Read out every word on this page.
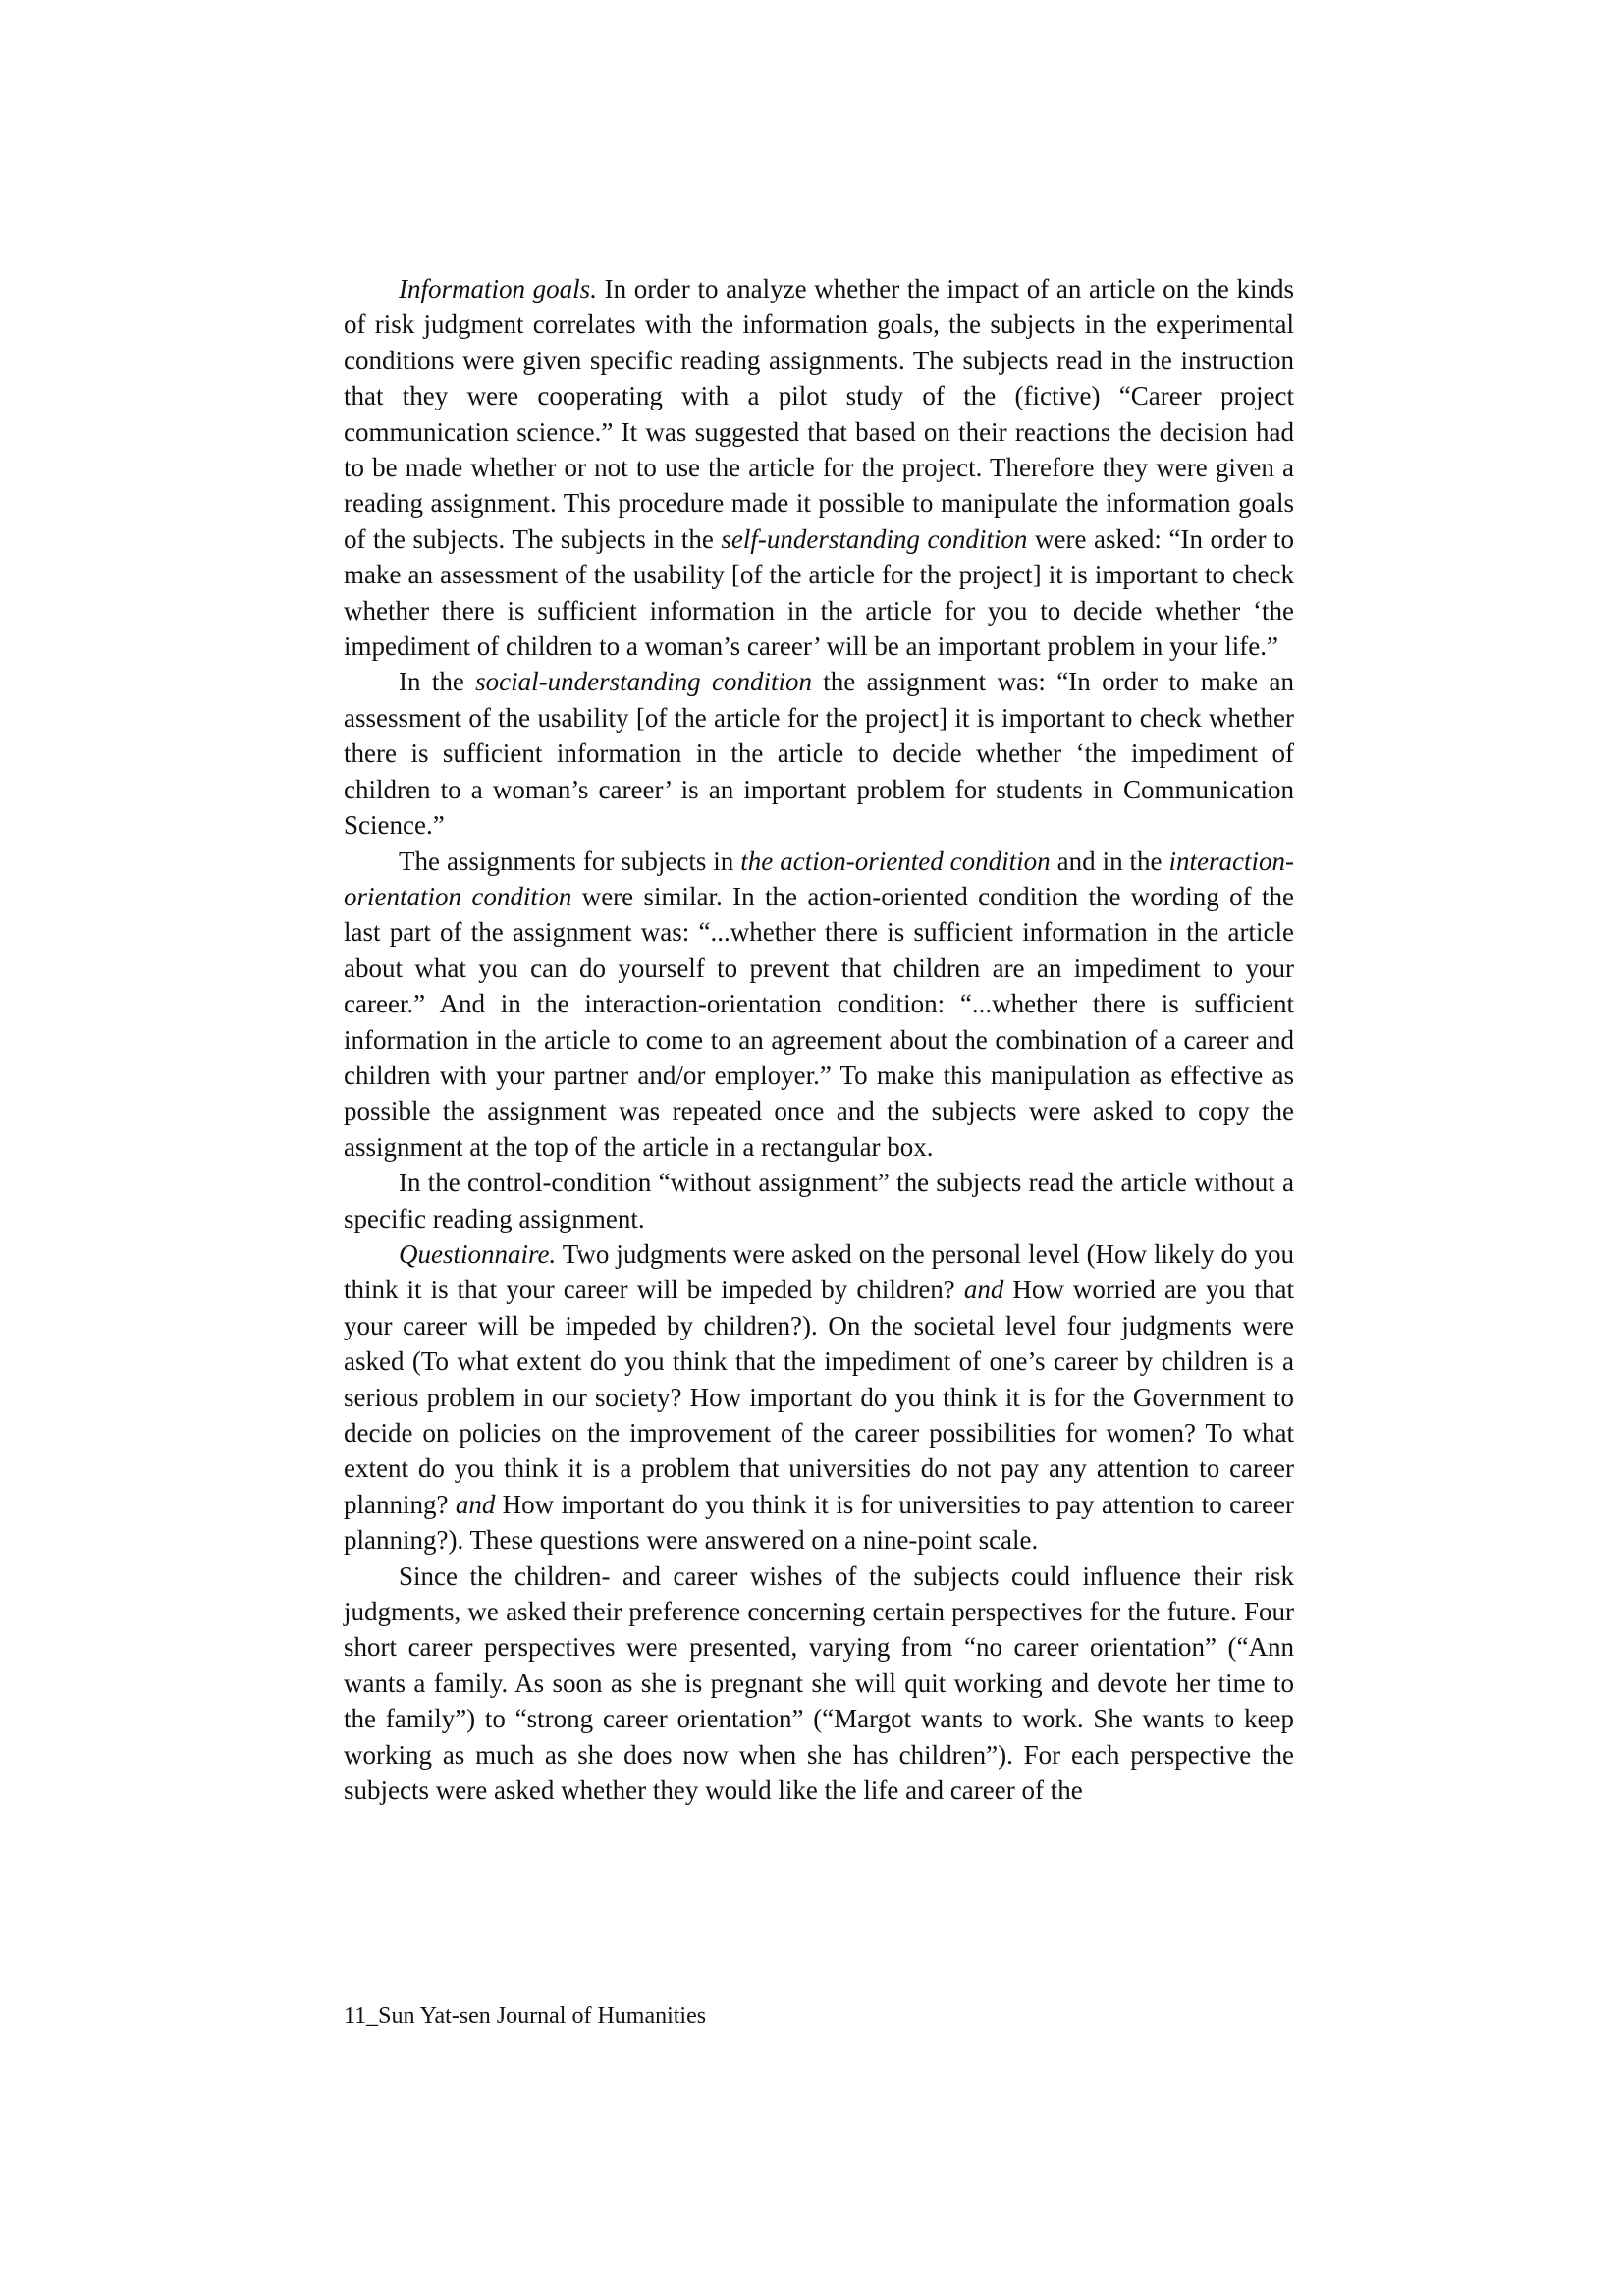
Information goals. In order to analyze whether the impact of an article on the kinds of risk judgment correlates with the information goals, the subjects in the experimental conditions were given specific reading assignments. The subjects read in the instruction that they were cooperating with a pilot study of the (fictive) “Career project communication science.” It was suggested that based on their reactions the decision had to be made whether or not to use the article for the project. Therefore they were given a reading assignment. This procedure made it possible to manipulate the information goals of the subjects. The subjects in the self-understanding condition were asked: “In order to make an assessment of the usability [of the article for the project] it is important to check whether there is sufficient information in the article for you to decide whether ‘the impediment of children to a woman’s career’ will be an important problem in your life.”

In the social-understanding condition the assignment was: “In order to make an assessment of the usability [of the article for the project] it is important to check whether there is sufficient information in the article to decide whether ‘the impediment of children to a woman’s career’ is an important problem for students in Communication Science.”

The assignments for subjects in the action-oriented condition and in the interaction-orientation condition were similar. In the action-oriented condition the wording of the last part of the assignment was: “...whether there is sufficient information in the article about what you can do yourself to prevent that children are an impediment to your career.” And in the interaction-orientation condition: “...whether there is sufficient information in the article to come to an agreement about the combination of a career and children with your partner and/or employer.” To make this manipulation as effective as possible the assignment was repeated once and the subjects were asked to copy the assignment at the top of the article in a rectangular box.

In the control-condition “without assignment” the subjects read the article without a specific reading assignment.

Questionnaire. Two judgments were asked on the personal level (How likely do you think it is that your career will be impeded by children? and How worried are you that your career will be impeded by children?). On the societal level four judgments were asked (To what extent do you think that the impediment of one’s career by children is a serious problem in our society? How important do you think it is for the Government to decide on policies on the improvement of the career possibilities for women? To what extent do you think it is a problem that universities do not pay any attention to career planning? and How important do you think it is for universities to pay attention to career planning?). These questions were answered on a nine-point scale.

Since the children- and career wishes of the subjects could influence their risk judgments, we asked their preference concerning certain perspectives for the future. Four short career perspectives were presented, varying from “no career orientation” (“Ann wants a family. As soon as she is pregnant she will quit working and devote her time to the family”) to “strong career orientation” (“Margot wants to work. She wants to keep working as much as she does now when she has children”). For each perspective the subjects were asked whether they would like the life and career of the

11_Sun Yat-sen Journal of Humanities
